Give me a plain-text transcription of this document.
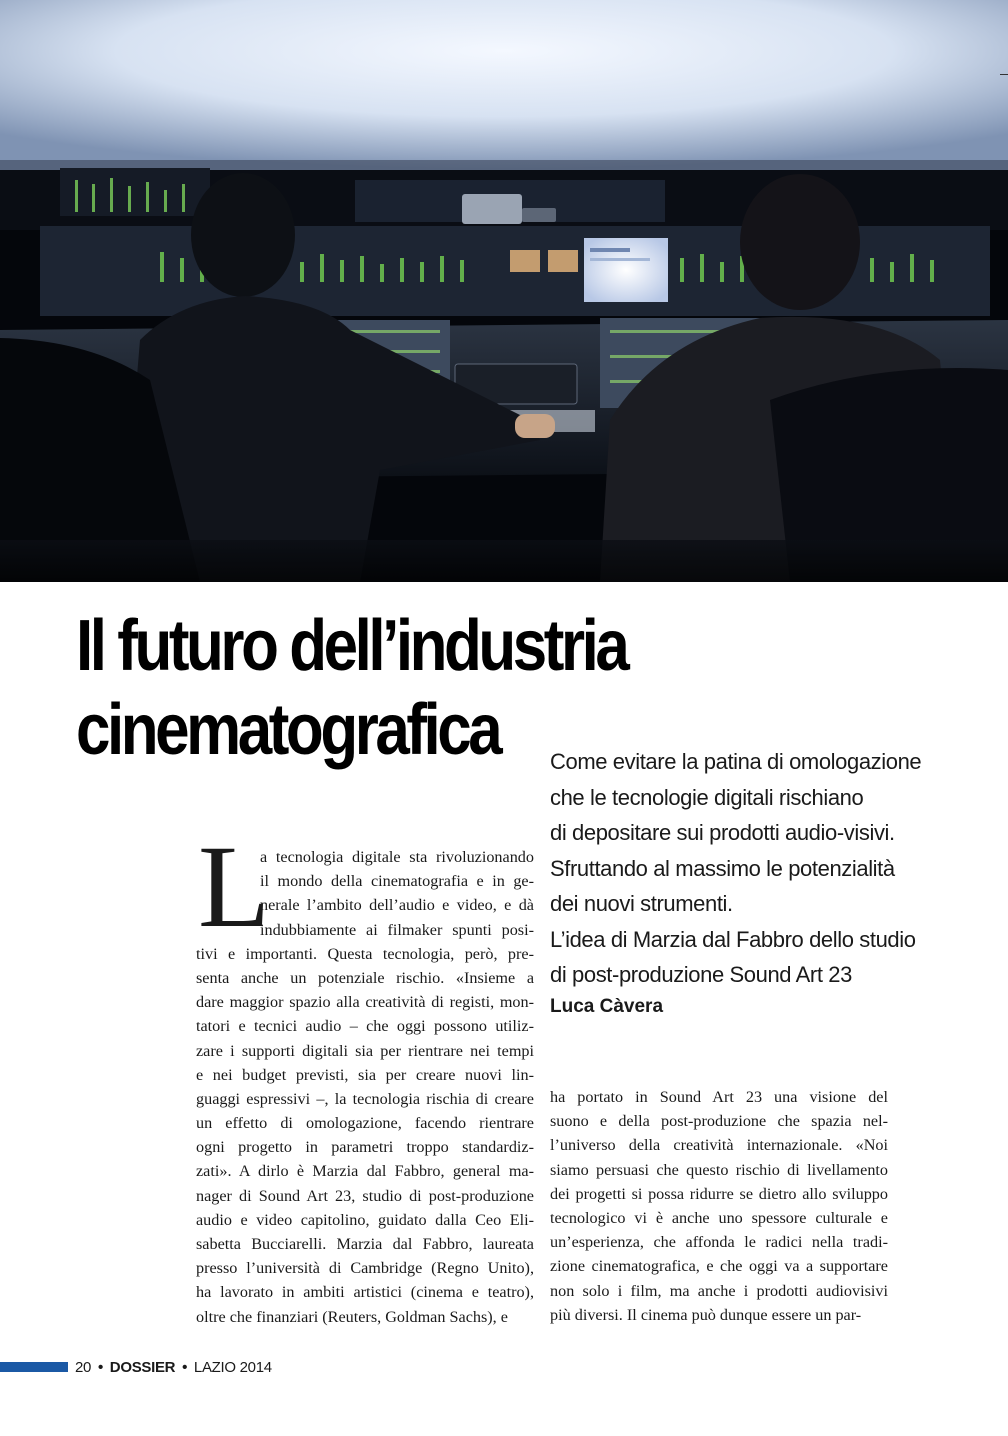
Il futuro dell’industria
cinematografica	Come evitare la patina di omologazione
che le tecnologie digitali rischiano
di depositare sui prodotti audio-visivi.
Sfruttando al massimo le potenzialità
dei nuovi strumenti.
L’idea di Marzia dal Fabbro dello studio
di post-produzione Sound Art 23
Luca Càvera
L
a tecnologia digitale sta rivoluzionando
il mondo della cinematografia e in ge-
nerale l’ambito dell’audio e video, e dà
indubbiamente ai filmaker spunti posi-
tivi e importanti. Questa tecnologia, però, pre-
senta anche un potenziale rischio. «Insieme a
dare maggior spazio alla creatività di registi, mon-
tatori e tecnici audio – che oggi possono utiliz-
zare i supporti digitali sia per rientrare nei tempi
e nei budget previsti, sia per creare nuovi lin-
guaggi espressivi –, la tecnologia rischia di creare
un effetto di omologazione, facendo rientrare
ogni progetto in parametri troppo standardiz-
zati». A dirlo è Marzia dal Fabbro, general ma-
nager di Sound Art 23, studio di post-produzione
audio e video capitolino, guidato dalla Ceo Eli-
sabetta Bucciarelli. Marzia dal Fabbro, laureata
presso l’università di Cambridge (Regno Unito),
ha lavorato in ambiti artistici (cinema e teatro),
oltre che finanziari (Reuters, Goldman Sachs), e
ha portato in Sound Art 23 una visione del
suono e della post-produzione che spazia nel-
l’universo della creatività internazionale. «Noi
siamo persuasi che questo rischio di livellamento
dei progetti si possa ridurre se dietro allo sviluppo
tecnologico vi è anche uno spessore culturale e
un’esperienza, che affonda le radici nella tradi-
zione cinematografica, e che oggi va a supportare
non solo i film, ma anche i prodotti audiovisivi
più diversi. Il cinema può dunque essere un par-
20 • DOSSIER • LAZIO 2014
